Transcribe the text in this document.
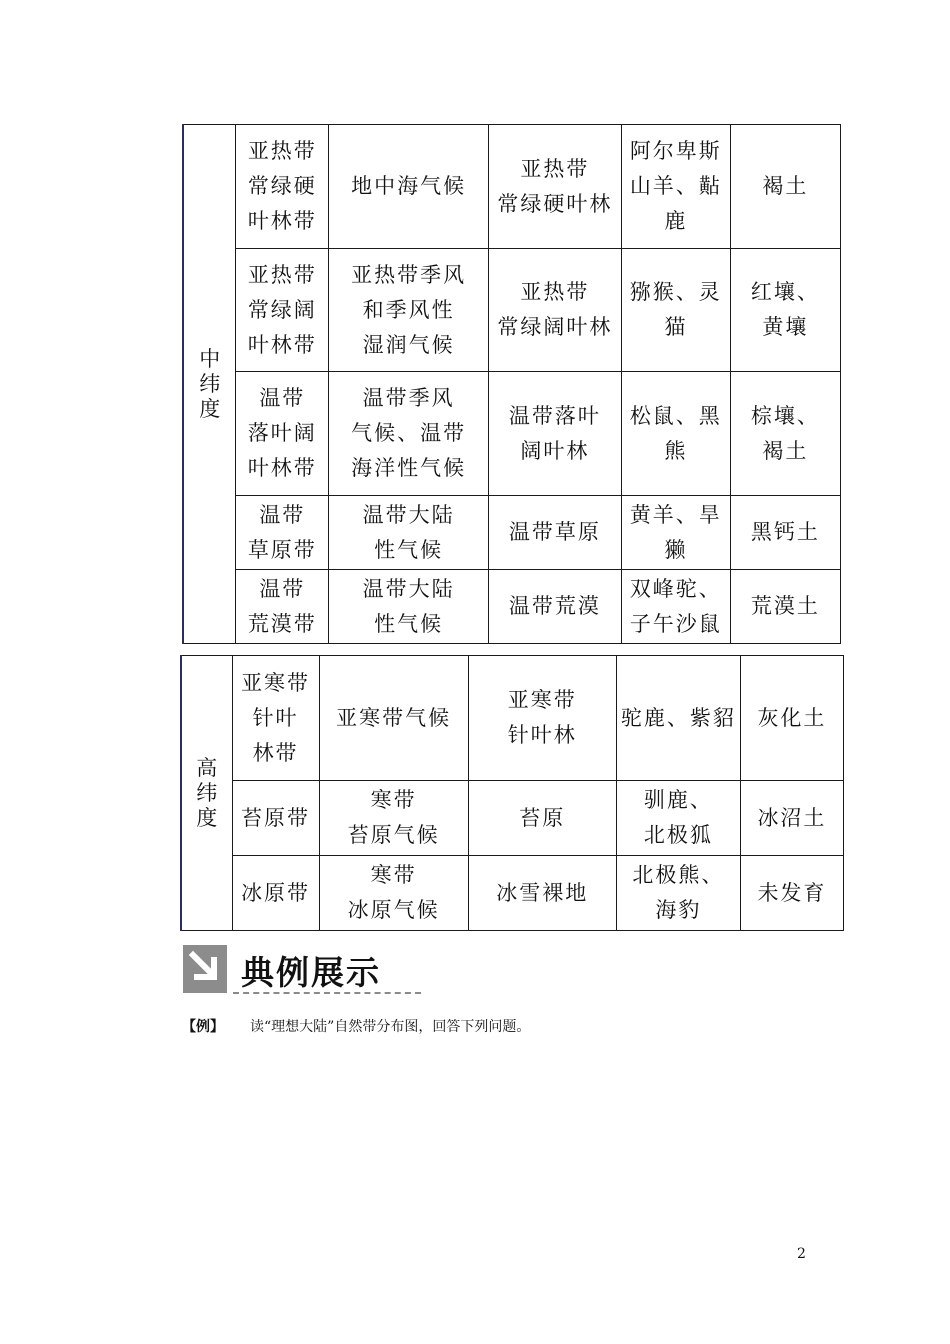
中纬度	亚热带
常绿硬
叶林带	地中海气候	亚热带
常绿硬叶林	阿尔卑斯
山羊、黇鹿	褐土
	亚热带
常绿阔
叶林带	亚热带季风
和季风性
湿润气候	亚热带
常绿阔叶林	猕猴、灵猫	红壤、
黄壤
	温带
落叶阔
叶林带	温带季风
气候、温带
海洋性气候	温带落叶
阔叶林	松鼠、黑熊	棕壤、
褐土
	温带
草原带	温带大陆
性气候	温带草原	黄羊、旱獭	黑钙土
	温带
荒漠带	温带大陆
性气候	温带荒漠	双峰驼、
子午沙鼠	荒漠土
高纬度	亚寒带
针叶
林带	亚寒带气候	亚寒带
针叶林	驼鹿、紫貂	灰化土
	苔原带	寒带
苔原气候	苔原	驯鹿、
北极狐	冰沼土
	冰原带	寒带
冰原气候	冰雪裸地	北极熊、
海豹	未发育
典例展示
【例】 读“理想大陆”自然带分布图，回答下列问题。
2
